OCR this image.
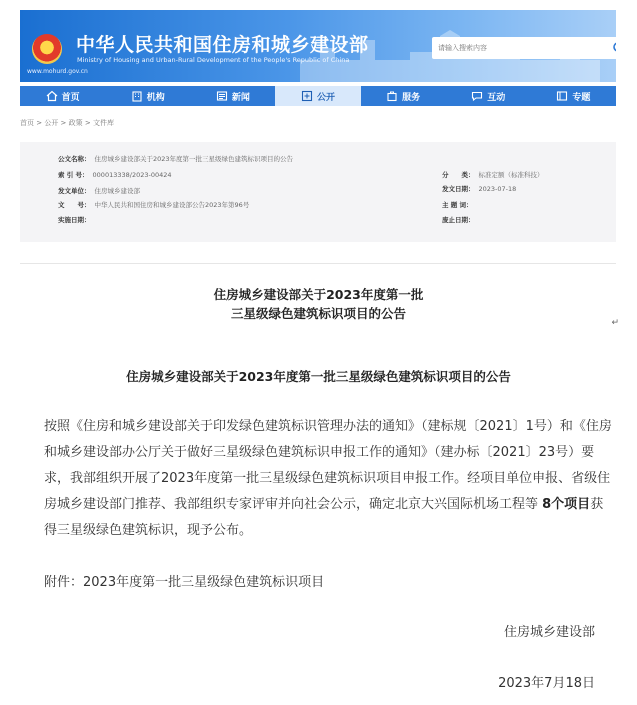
www.mohurd.gov.cn
中华人民共和国住房和城乡建设部
Ministry of Housing and Urban-Rural Development of the People's Republic of China
请输入搜索内容
首页	机构	新闻	公开	服务	互动	专题
首页 > 公开 > 政策 > 文件库
公文名称： 住房城乡建设部关于2023年度第一批三星级绿色建筑标识项目的公告
索 引 号： 000013338/2023-00424
发文单位： 住房城乡建设部
文　　号： 中华人民共和国住房和城乡建设部公告2023年第96号
实施日期：
分　　类： 标准定额（标准科技）
发文日期： 2023-07-18
主 题 词：
废止日期：
住房城乡建设部关于2023年度第一批
三星级绿色建筑标识项目的公告
↵
住房城乡建设部关于2023年度第一批三星级绿色建筑标识项目的公告
按照《住房和城乡建设部关于印发绿色建筑标识管理办法的通知》（建标规〔2021〕1号）和《住房和城乡建设部办公厅关于做好三星级绿色建筑标识申报工作的通知》（建办标〔2021〕23号）要求，我部组织开展了2023年度第一批三星级绿色建筑标识项目申报工作。经项目单位申报、省级住房城乡建设部门推荐、我部组织专家评审并向社会公示，确定北京大兴国际机场工程等 8个项目获得三星级绿色建筑标识，现予公布。
附件：2023年度第一批三星级绿色建筑标识项目
住房城乡建设部
2023年7月18日
